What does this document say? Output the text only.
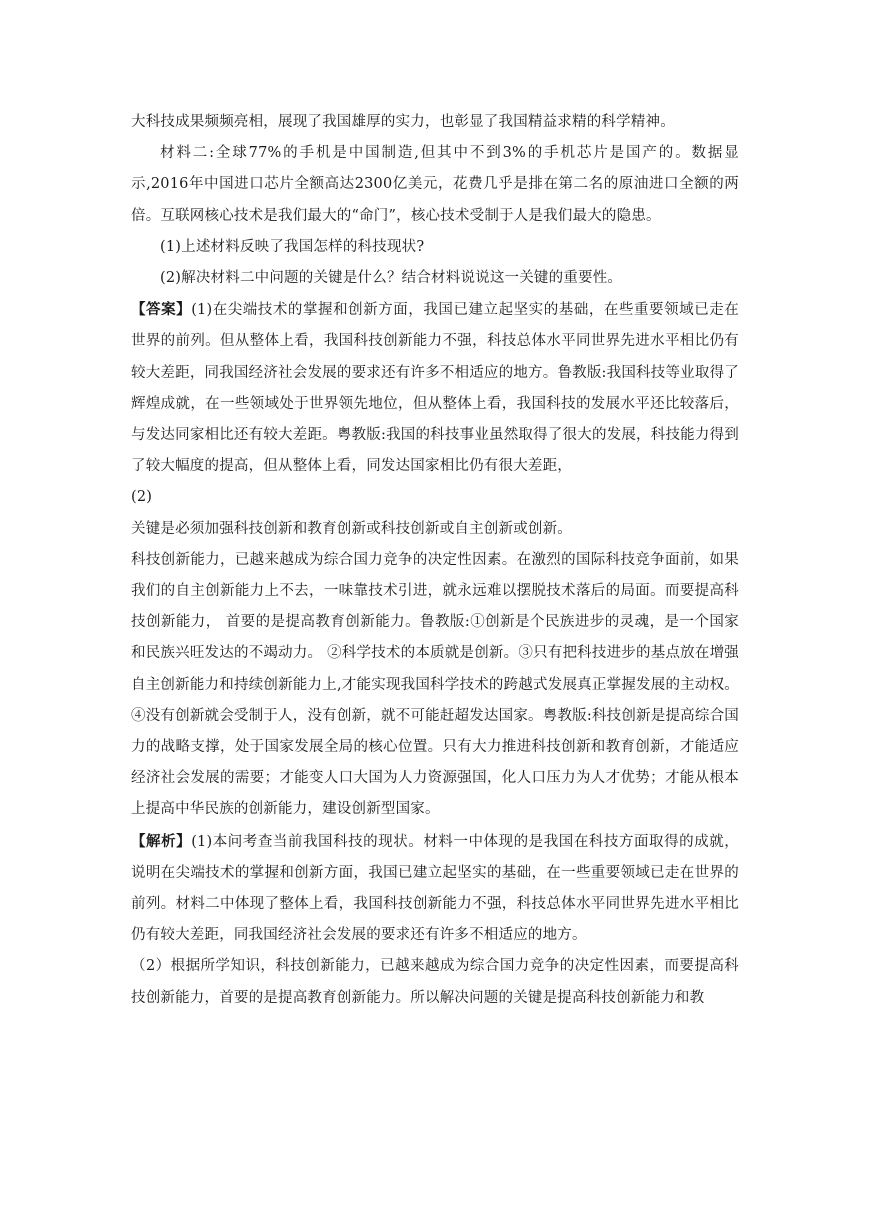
大科技成果频频亮相，展现了我国雄厚的实力，也彰显了我国精益求精的科学精神。

材料二:全球77%的手机是中国制造,但其中不到3%的手机芯片是国产的。数据显示,2016年中国进口芯片全额高达2300亿美元，花费几乎是排在第二名的原油进口全额的两倍。互联网核心技术是我们最大的“命门”，核心技术受制于人是我们最大的隐患。

(1)上述材料反映了我国怎样的科技现状?

(2)解决材料二中问题的关键是什么？结合材料说说这一关键的重要性。

【答案】(1)在尖端技术的掌握和创新方面，我国已建立起坚实的基础，在些重要领域已走在世界的前列。但从整体上看，我国科技创新能力不强，科技总体水平同世界先进水平相比仍有较大差距，同我国经济社会发展的要求还有许多不相适应的地方。鲁教版:我国科技等业取得了辉煌成就，在一些领域处于世界领先地位，但从整体上看，我国科技的发展水平还比较落后，与发达同家相比还有较大差距。粤教版:我国的科技事业虽然取得了很大的发展，科技能力得到了较大幅度的提高，但从整体上看，同发达国家相比仍有很大差距，

(2)

关键是必须加强科技创新和教育创新或科技创新或自主创新或创新。

科技创新能力，已越来越成为综合国力竞争的决定性因素。在激烈的国际科技竞争面前，如果我们的自主创新能力上不去，一味靠技术引进，就永远难以摆脱技术落后的局面。而要提高科技创新能力， 首要的是提高教育创新能力。鲁教版:①创新是个民族进步的灵魂，是一个国家和民族兴旺发达的不竭动力。 ②科学技术的本质就是创新。③只有把科技进步的基点放在增强自主创新能力和持续创新能力上,才能实现我国科学技术的跨越式发展真正掌握发展的主动权。④没有创新就会受制于人，没有创新，就不可能赶超发达国家。粤教版:科技创新是提高综合国力的战略支撑，处于国家发展全局的核心位置。只有大力推进科技创新和教育创新，才能适应经济社会发展的需要；才能变人口大国为人力资源强国，化人口压力为人才优势；才能从根本上提高中华民族的创新能力，建设创新型国家。

【解析】(1)本问考查当前我国科技的现状。材料一中体现的是我国在科技方面取得的成就，说明在尖端技术的掌握和创新方面，我国已建立起坚实的基础，在一些重要领域已走在世界的前列。材料二中体现了整体上看，我国科技创新能力不强，科技总体水平同世界先进水平相比仍有较大差距，同我国经济社会发展的要求还有许多不相适应的地方。

（2）根据所学知识，科技创新能力，已越来越成为综合国力竞争的决定性因素，而要提高科技创新能力，首要的是提高教育创新能力。所以解决问题的关键是提高科技创新能力和教
